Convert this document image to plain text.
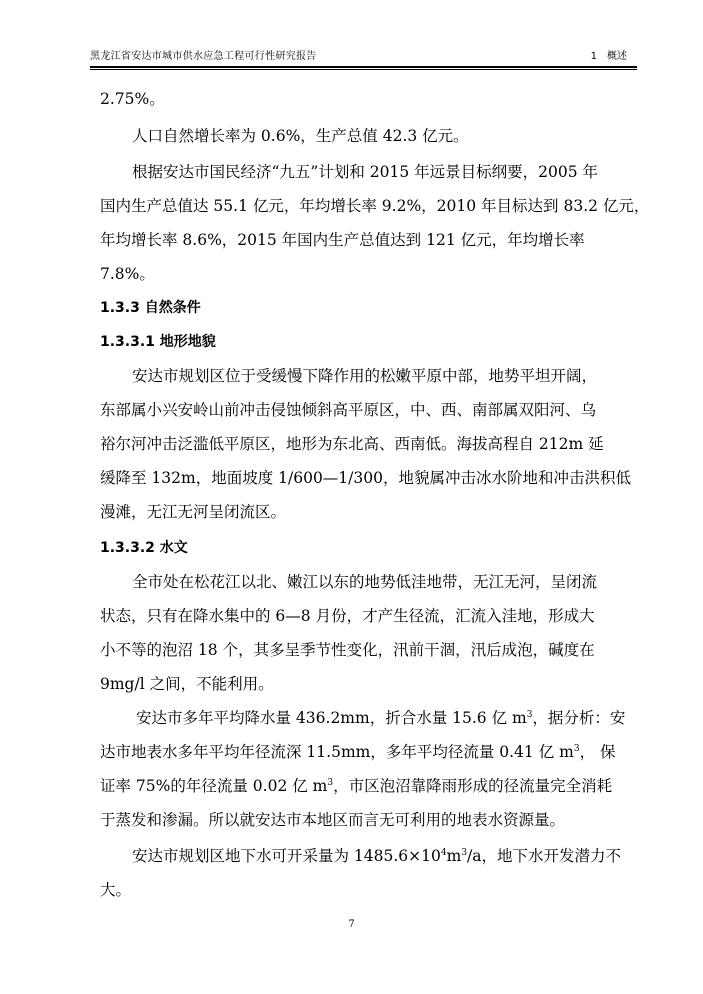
黑龙江省安达市城市供水应急工程可行性研究报告	1　概述
2.75%。
人口自然增长率为 0.6%，生产总值 42.3 亿元。
根据安达市国民经济“九五”计划和 2015 年远景目标纲要，2005 年
国内生产总值达 55.1 亿元，年均增长率 9.2%，2010 年目标达到 83.2 亿元，
年均增长率 8.6%，2015 年国内生产总值达到 121 亿元，年均增长率
7.8%。
1.3.3 自然条件
1.3.3.1 地形地貌
安达市规划区位于受缓慢下降作用的松嫩平原中部，地势平坦开阔，
东部属小兴安岭山前冲击侵蚀倾斜高平原区，中、西、南部属双阳河、乌
裕尔河冲击泛滥低平原区，地形为东北高、西南低。海拔高程自 212m 延
缓降至 132m，地面坡度 1/600—1/300，地貌属冲击冰水阶地和冲击洪积低
漫滩，无江无河呈闭流区。
1.3.3.2 水文
全市处在松花江以北、嫩江以东的地势低洼地带，无江无河，呈闭流
状态，只有在降水集中的 6—8 月份，才产生径流，汇流入洼地，形成大
小不等的泡沼 18 个，其多呈季节性变化，汛前干涸，汛后成泡，碱度在
9mg/l 之间，不能利用。
安达市多年平均降水量 436.2mm，折合水量 15.6 亿 $m^3$，据分析：安
达市地表水多年平均年径流深 11.5mm，多年平均径流量 0.41 亿 $m^3$， 保
证率 75%的年径流量 0.02 亿 $m^3$，市区泡沼靠降雨形成的径流量完全消耗
于蒸发和渗漏。所以就安达市本地区而言无可利用的地表水资源量。
安达市规划区地下水可开采量为 $1485.6\times 10^4m^3/a$，地下水开发潜力不
大。
7
